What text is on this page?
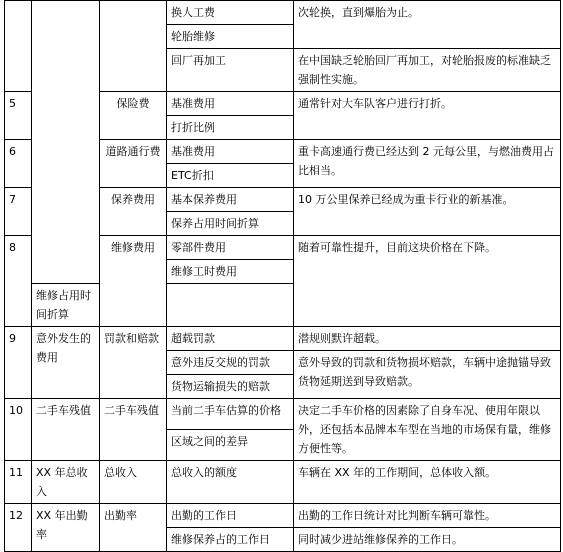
			换人工费	次轮换，直到爆胎为止。
			轮胎维修	
			回厂再加工	在中国缺乏轮胎回厂再加工，对轮胎报废的标准缺乏强制性实施。
5		保险费	基准费用	通常针对大车队客户进行打折。
			打折比例	
6		道路通行费	基准费用	重卡高速通行费已经达到 2 元每公里，与燃油费用占比相当。
			ETC折扣	
7		保养费用	基本保养费用	10 万公里保养已经成为重卡行业的新基准。
			保养占用时间折算	
8		维修费用	零部件费用	随着可靠性提升，目前这块价格在下降。
			维修工时费用	
	维修占用时间折算			
9	意外发生的费用	罚款和赔款	超载罚款	潜规则默许超载。
			意外违反交规的罚款	意外导致的罚款和货物损坏赔款，车辆中途抛锚导致货物延期送到导致赔款。
			货物运输损失的赔款	
10	二手车残值	二手车残值	当前二手车估算的价格	决定二手车价格的因素除了自身车况、使用年限以外，还包括本品牌本车型在当地的市场保有量，维修方便性等。
			区域之间的差异	
11	XX 年总收入	总收入	总收入的额度	车辆在 XX 年的工作期间，总体收入额。
12	XX 年出勤率	出勤率	出勤的工作日	出勤的工作日统计对比判断车辆可靠性。
			维修保养占的工作日	同时减少进站维修保养的工作日。
